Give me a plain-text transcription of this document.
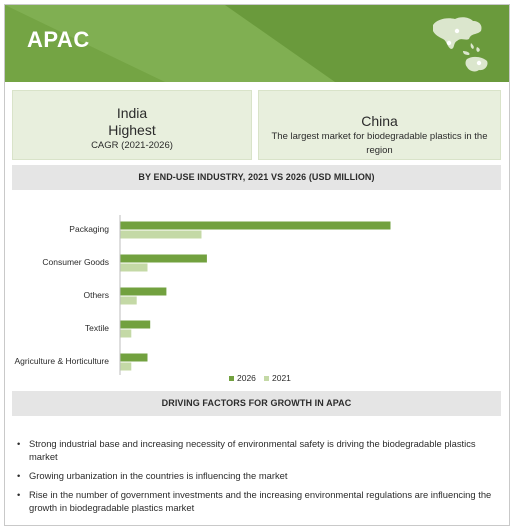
APAC
India
Highest
CAGR (2021-2026)
China
The largest market for biodegradable plastics in the region
BY END-USE INDUSTRY, 2021 VS 2026 (USD MILLION)
Packaging
Consumer Goods
Others
Textile
Agriculture & Horticulture
2026 2021
DRIVING FACTORS FOR GROWTH IN APAC
• Strong industrial base and increasing necessity of environmental safety is driving the biodegradable plastics market
• Growing urbanization in the countries is influencing the market
• Rise in the number of government investments and the increasing environmental regulations are influencing the growth in biodegradable plastics market
